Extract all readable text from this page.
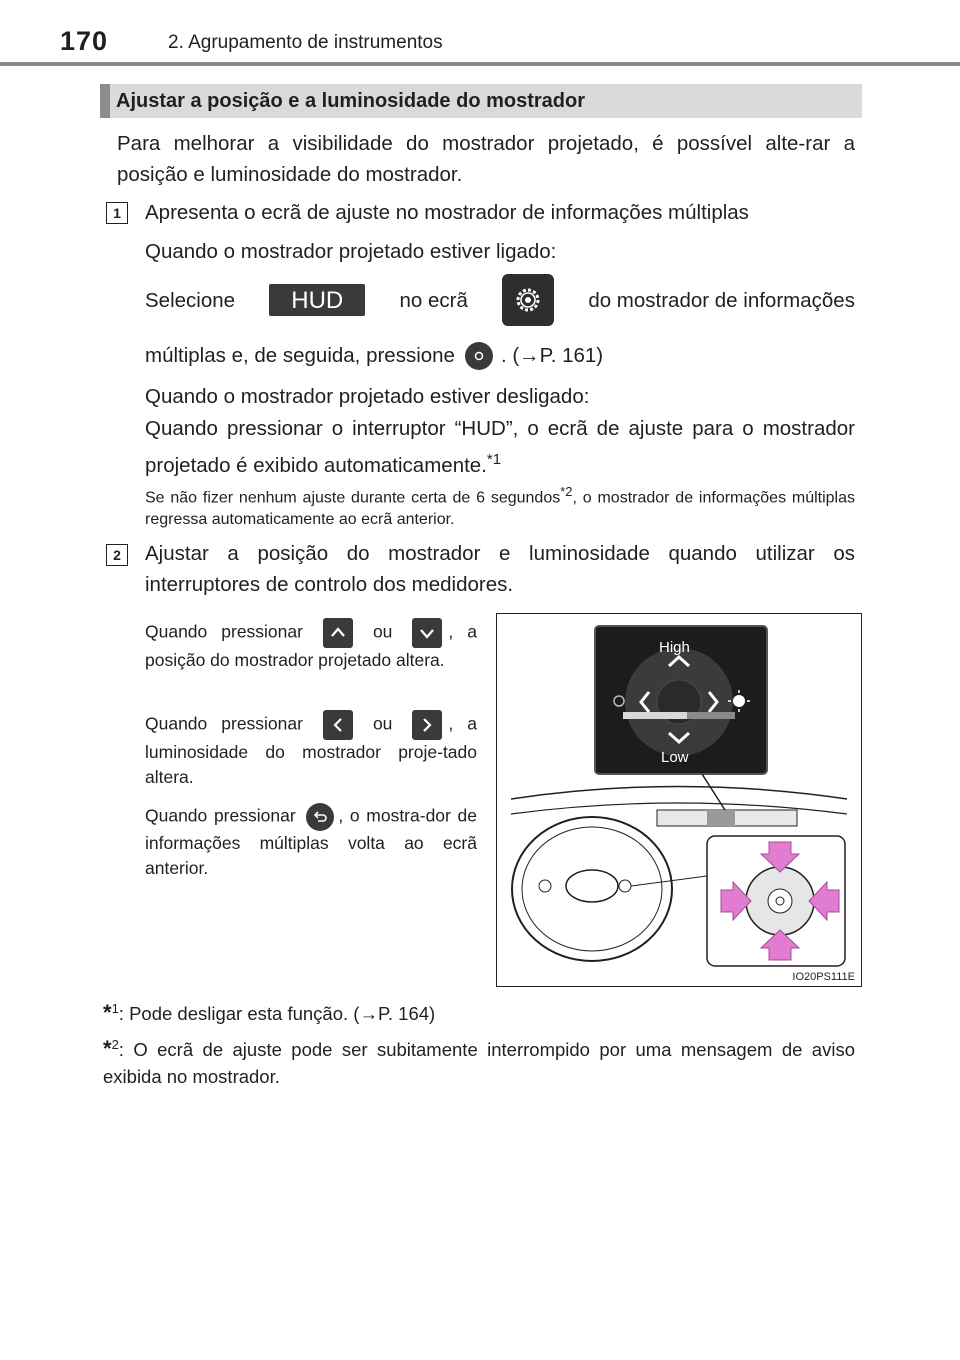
170	2. Agrupamento de instrumentos
Ajustar a posição e a luminosidade do mostrador

Para melhorar a visibilidade do mostrador projetado, é possível alte-rar a posição e luminosidade do mostrador.

1	Apresenta o ecrã de ajuste no mostrador de informações múltiplas

Quando o mostrador projetado estiver ligado:

Selecione	HUD	no ecrã	do mostrador de informações
múltiplas e, de seguida, pressione . (→P. 161)

Quando o mostrador projetado estiver desligado:

Quando pressionar o interruptor “HUD”, o ecrã de ajuste para o mostrador projetado é exibido automaticamente.$^{*1}$

Se não fizer nenhum ajuste durante certa de 6 segundos$^{*2}$, o mostrador de informações múltiplas regressa automaticamente ao ecrã anterior.

2	Ajustar a posição do mostrador e luminosidade quando utilizar os interruptores de controlo dos medidores.

Quando pressionar	ou	, a posição do mostrador projetado altera.
Quando pressionar	ou	, a luminosidade do mostrador proje-tado altera.
Quando pressionar , o mostra-dor de informações múltiplas volta ao ecrã anterior.
High
Low
IO20PS111E
*$^1$: Pode desligar esta função. (→P. 164)
*$^2$: O ecrã de ajuste pode ser subitamente interrompido por uma mensagem de aviso exibida no mostrador.
